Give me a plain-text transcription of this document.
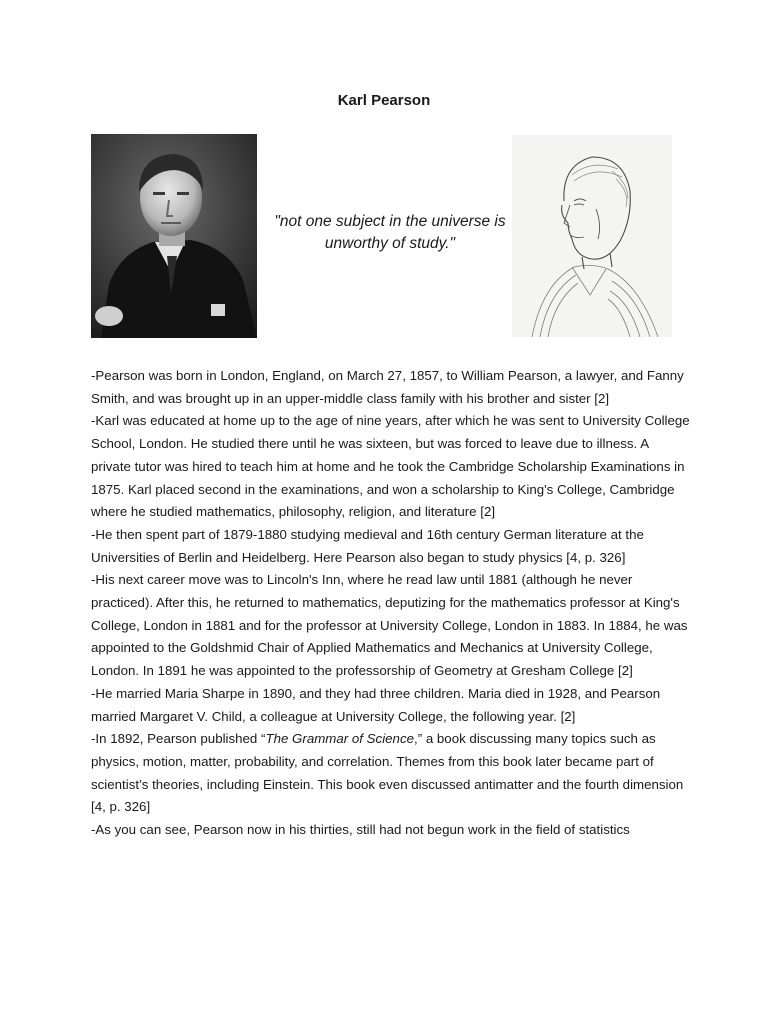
Karl Pearson
"not one subject in the universe is unworthy of study."

-Pearson was born in London, England, on March 27, 1857, to William Pearson, a lawyer, and Fanny Smith, and was brought up in an upper-middle class family with his brother and sister [2]

-Karl was educated at home up to the age of nine years, after which he was sent to University College School, London. He studied there until he was sixteen, but was forced to leave due to illness. A private tutor was hired to teach him at home and he took the Cambridge Scholarship Examinations in 1875. Karl placed second in the examinations, and won a scholarship to King's College, Cambridge where he studied mathematics, philosophy, religion, and literature [2]

-He then spent part of 1879-1880 studying medieval and 16th century German literature at the Universities of Berlin and Heidelberg. Here Pearson also began to study physics [4, p. 326]

-His next career move was to Lincoln's Inn, where he read law until 1881 (although he never practiced). After this, he returned to mathematics, deputizing for the mathematics professor at King's College, London in 1881 and for the professor at University College, London in 1883. In 1884, he was appointed to the Goldshmid Chair of Applied Mathematics and Mechanics at University College, London. In 1891 he was appointed to the professorship of Geometry at Gresham College [2]

-He married Maria Sharpe in 1890, and they had three children. Maria died in 1928, and Pearson married Margaret V. Child, a colleague at University College, the following year. [2]

-In 1892, Pearson published “The Grammar of Science,” a book discussing many topics such as physics, motion, matter, probability, and correlation. Themes from this book later became part of scientist’s theories, including Einstein. This book even discussed antimatter and the fourth dimension [4, p. 326]

-As you can see, Pearson now in his thirties, still had not begun work in the field of statistics
